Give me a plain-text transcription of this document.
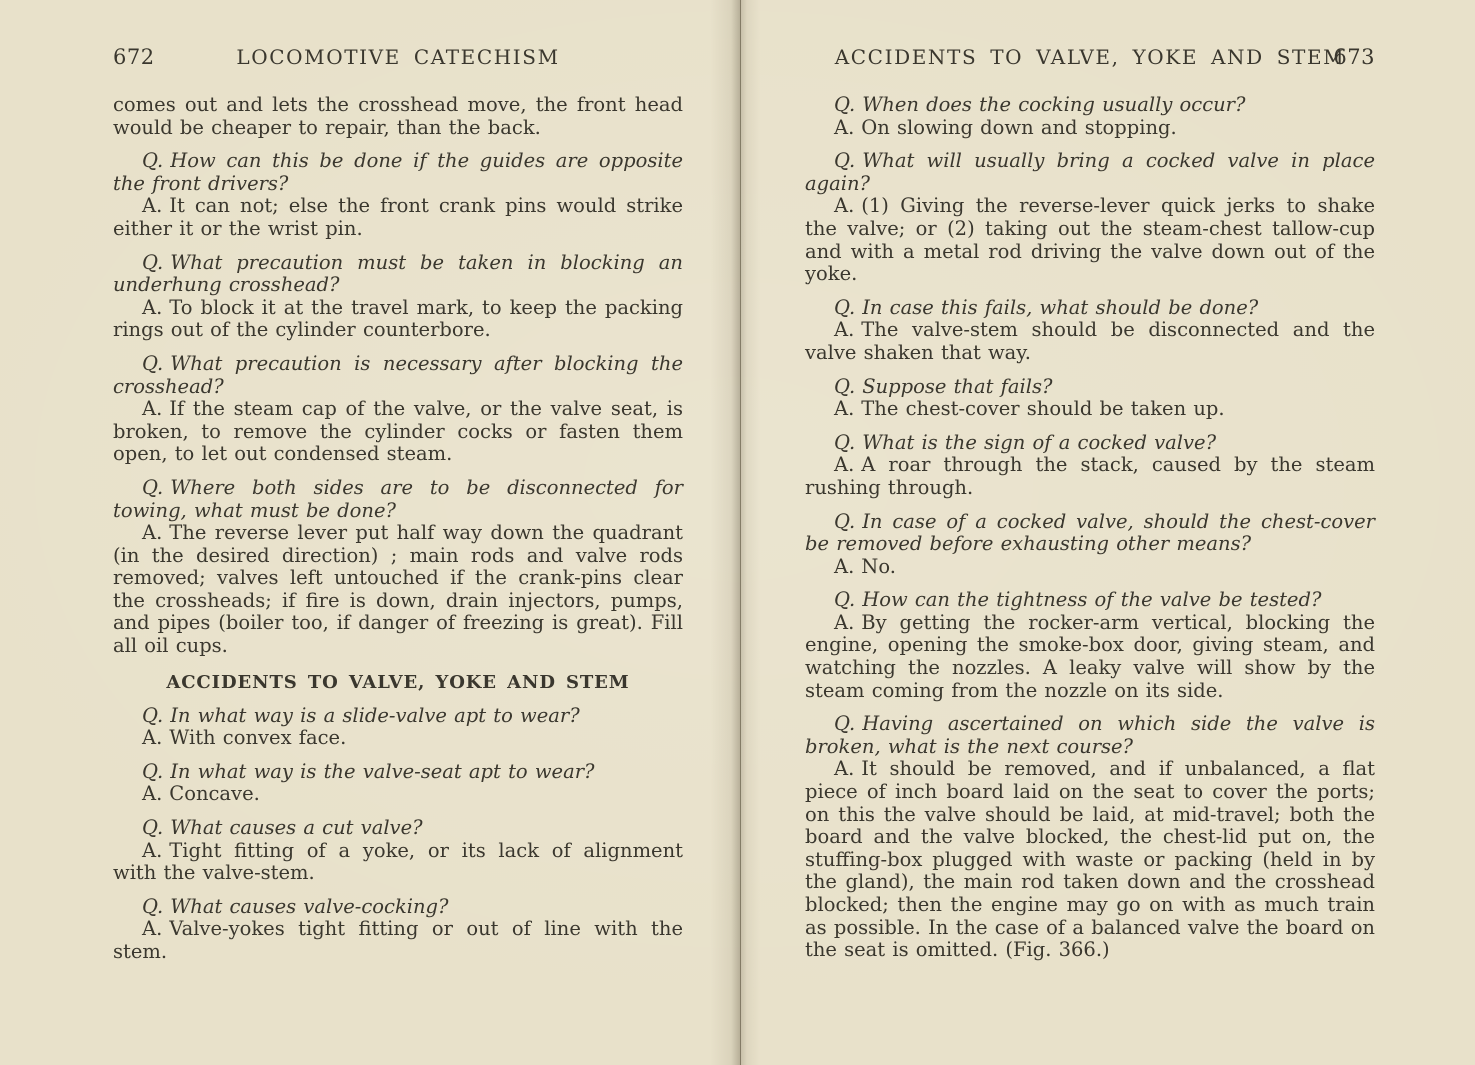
672	LOCOMOTIVE CATECHISM

comes out and lets the crosshead move, the front head would be cheaper to repair, than the back.

Q. How can this be done if the guides are opposite the front drivers?

A. It can not; else the front crank pins would strike either it or the wrist pin.

Q. What precaution must be taken in blocking an underhung crosshead?

A. To block it at the travel mark, to keep the packing rings out of the cylinder counterbore.

Q. What precaution is necessary after blocking the crosshead?

A. If the steam cap of the valve, or the valve seat, is broken, to remove the cylinder cocks or fasten them open, to let out condensed steam.

Q. Where both sides are to be disconnected for towing, what must be done?

A. The reverse lever put half way down the quadrant (in the desired direction) ; main rods and valve rods removed; valves left untouched if the crank-pins clear the crossheads; if fire is down, drain injectors, pumps, and pipes (boiler too, if danger of freezing is great). Fill all oil cups.

ACCIDENTS TO VALVE, YOKE AND STEM

Q. In what way is a slide-valve apt to wear?

A. With convex face.

Q. In what way is the valve-seat apt to wear?

A. Concave.

Q. What causes a cut valve?

A. Tight fitting of a yoke, or its lack of alignment with the valve-stem.

Q. What causes valve-cocking?

A. Valve-yokes tight fitting or out of line with the stem.

ACCIDENTS TO VALVE, YOKE AND STEM
673

Q. When does the cocking usually occur?

A. On slowing down and stopping.

Q. What will usually bring a cocked valve in place again?

A. (1) Giving the reverse-lever quick jerks to shake the valve; or (2) taking out the steam-chest tallow-cup and with a metal rod driving the valve down out of the yoke.

Q. In case this fails, what should be done?

A. The valve-stem should be disconnected and the valve shaken that way.

Q. Suppose that fails?

A. The chest-cover should be taken up.

Q. What is the sign of a cocked valve?

A. A roar through the stack, caused by the steam rushing through.

Q. In case of a cocked valve, should the chest-cover be removed before exhausting other means?

A. No.

Q. How can the tightness of the valve be tested?

A. By getting the rocker-arm vertical, blocking the engine, opening the smoke-box door, giving steam, and watching the nozzles. A leaky valve will show by the steam coming from the nozzle on its side.

Q. Having ascertained on which side the valve is broken, what is the next course?

A. It should be removed, and if unbalanced, a flat piece of inch board laid on the seat to cover the ports; on this the valve should be laid, at mid-travel; both the board and the valve blocked, the chest-lid put on, the stuffing-box plugged with waste or packing (held in by the gland), the main rod taken down and the crosshead blocked; then the engine may go on with as much train as possible. In the case of a balanced valve the board on the seat is omitted. (Fig. 366.)
